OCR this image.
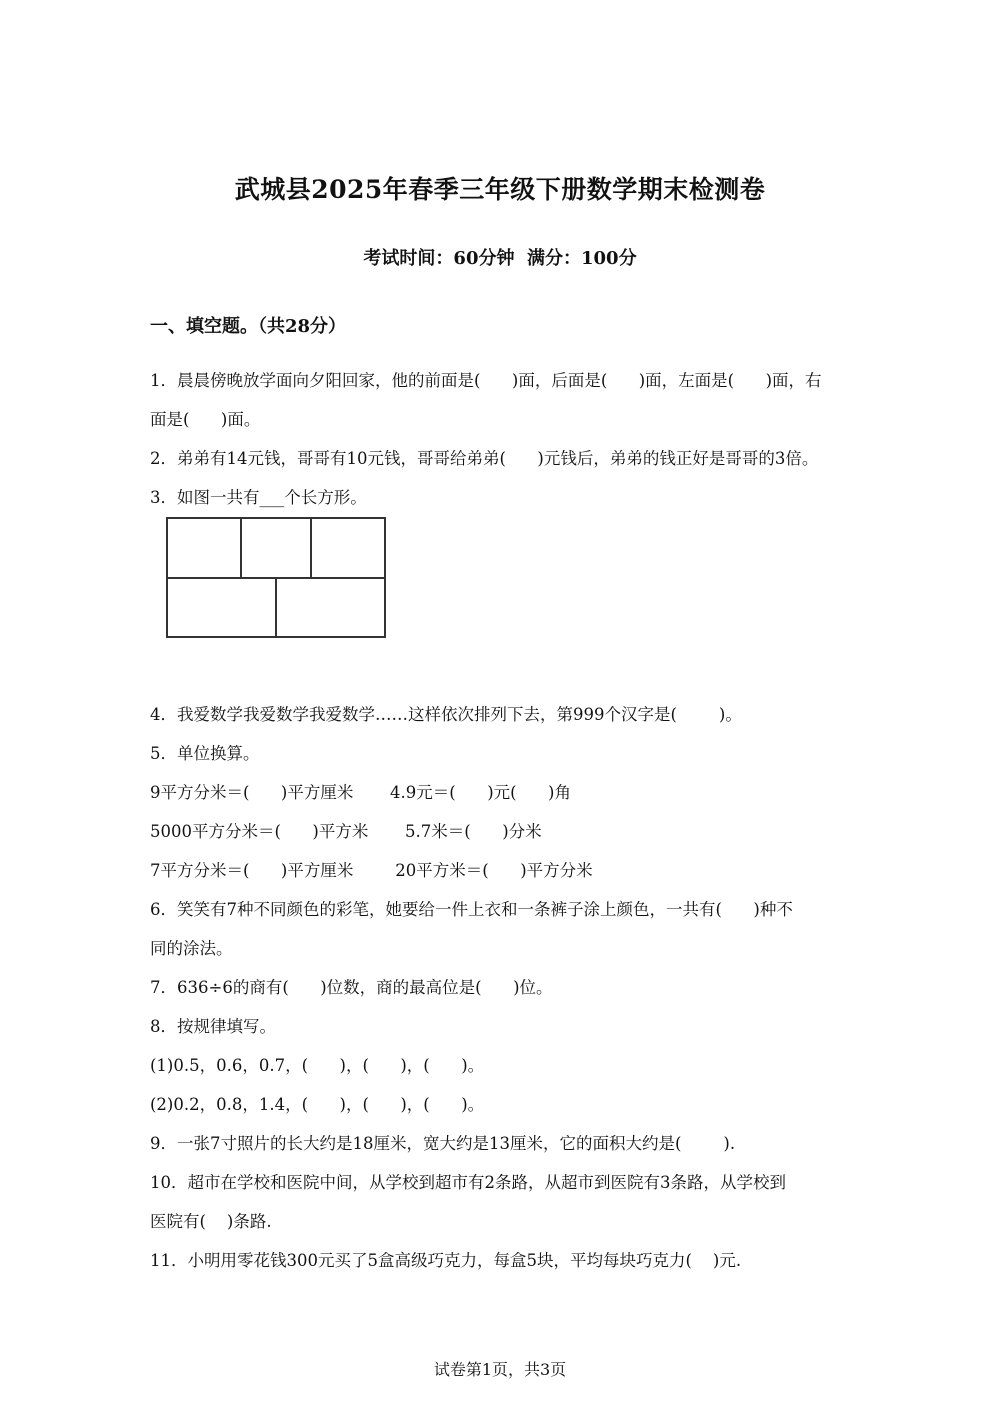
武城县2025年春季三年级下册数学期末检测卷
考试时间：60分钟  满分：100分
一、填空题。（共28分）
1．晨晨傍晚放学面向夕阳回家，他的前面是(      )面，后面是(      )面，左面是(      )面，右
面是(      )面。
2．弟弟有14元钱，哥哥有10元钱，哥哥给弟弟(      )元钱后，弟弟的钱正好是哥哥的3倍。
3．如图一共有___个长方形。
4．我爱数学我爱数学我爱数学……这样依次排列下去，第999个汉字是(        )。
5．单位换算。
9平方分米＝(      )平方厘米       4.9元＝(      )元(      )角
5000平方分米＝(      )平方米       5.7米＝(      )分米
7平方分米＝(      )平方厘米        20平方米＝(      )平方分米
6．笑笑有7种不同颜色的彩笔，她要给一件上衣和一条裤子涂上颜色，一共有(      )种不
同的涂法。
7．636÷6的商有(      )位数，商的最高位是(      )位。
8．按规律填写。
(1)0.5，0.6，0.7，(      )，(      )，(      )。
(2)0.2，0.8，1.4，(      )，(      )，(      )。
9．一张7寸照片的长大约是18厘米，宽大约是13厘米，它的面积大约是(        ).
10．超市在学校和医院中间，从学校到超市有2条路，从超市到医院有3条路，从学校到
医院有(    )条路.
11．小明用零花钱300元买了5盒高级巧克力，每盒5块，平均每块巧克力(    )元.
试卷第1页，共3页
